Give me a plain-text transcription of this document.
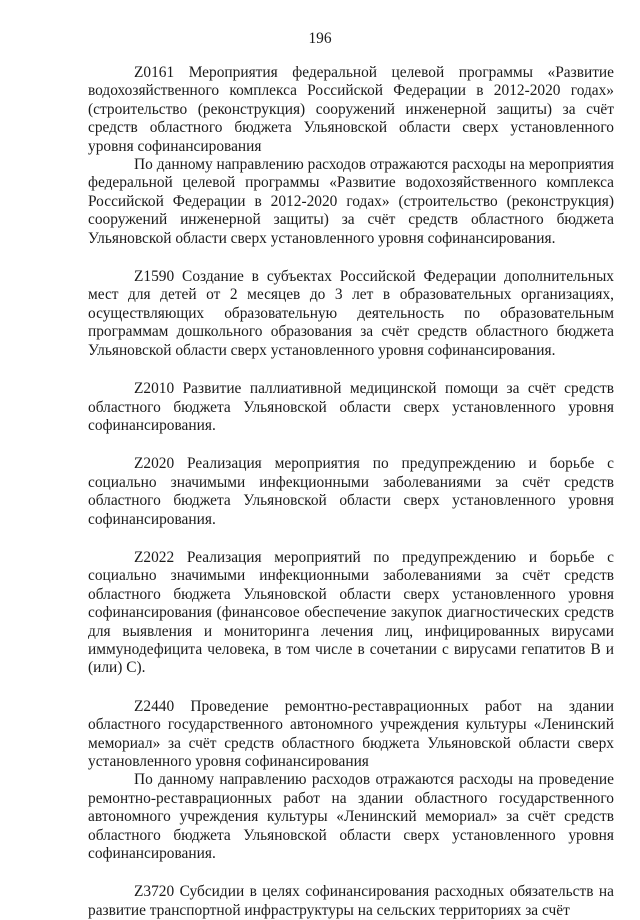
196

Z0161 Мероприятия федеральной целевой программы «Развитие водохозяйственного комплекса Российской Федерации в 2012-2020 годах» (строительство (реконструкция) сооружений инженерной защиты) за счёт средств областного бюджета Ульяновской области сверх установленного уровня софинансирования

По данному направлению расходов отражаются расходы на мероприятия федеральной целевой программы «Развитие водохозяйственного комплекса Российской Федерации в 2012-2020 годах» (строительство (реконструкция) сооружений инженерной защиты) за счёт средств областного бюджета Ульяновской области сверх установленного уровня софинансирования.

Z1590 Создание в субъектах Российской Федерации дополнительных мест для детей от 2 месяцев до 3 лет в образовательных организациях, осуществляющих образовательную деятельность по образовательным программам дошкольного образования за счёт средств областного бюджета Ульяновской области сверх установленного уровня софинансирования.

Z2010 Развитие паллиативной медицинской помощи за счёт средств областного бюджета Ульяновской области сверх установленного уровня софинансирования.

Z2020 Реализация мероприятия по предупреждению и борьбе с социально значимыми инфекционными заболеваниями за счёт средств областного бюджета Ульяновской области сверх установленного уровня софинансирования.

Z2022 Реализация мероприятий по предупреждению и борьбе с социально значимыми инфекционными заболеваниями за счёт средств областного бюджета Ульяновской области сверх установленного уровня софинансирования (финансовое обеспечение закупок диагностических средств для выявления и мониторинга лечения лиц, инфицированных вирусами иммунодефицита человека, в том числе в сочетании с вирусами гепатитов В и (или) С).

Z2440 Проведение ремонтно-реставрационных работ на здании областного государственного автономного учреждения культуры «Ленинский мемориал» за счёт средств областного бюджета Ульяновской области сверх установленного уровня софинансирования

По данному направлению расходов отражаются расходы на проведение ремонтно-реставрационных работ на здании областного государственного автономного учреждения культуры «Ленинский мемориал» за счёт средств областного бюджета Ульяновской области сверх установленного уровня софинансирования.

Z3720 Субсидии в целях софинансирования расходных обязательств на развитие транспортной инфраструктуры на сельских территориях за счёт
